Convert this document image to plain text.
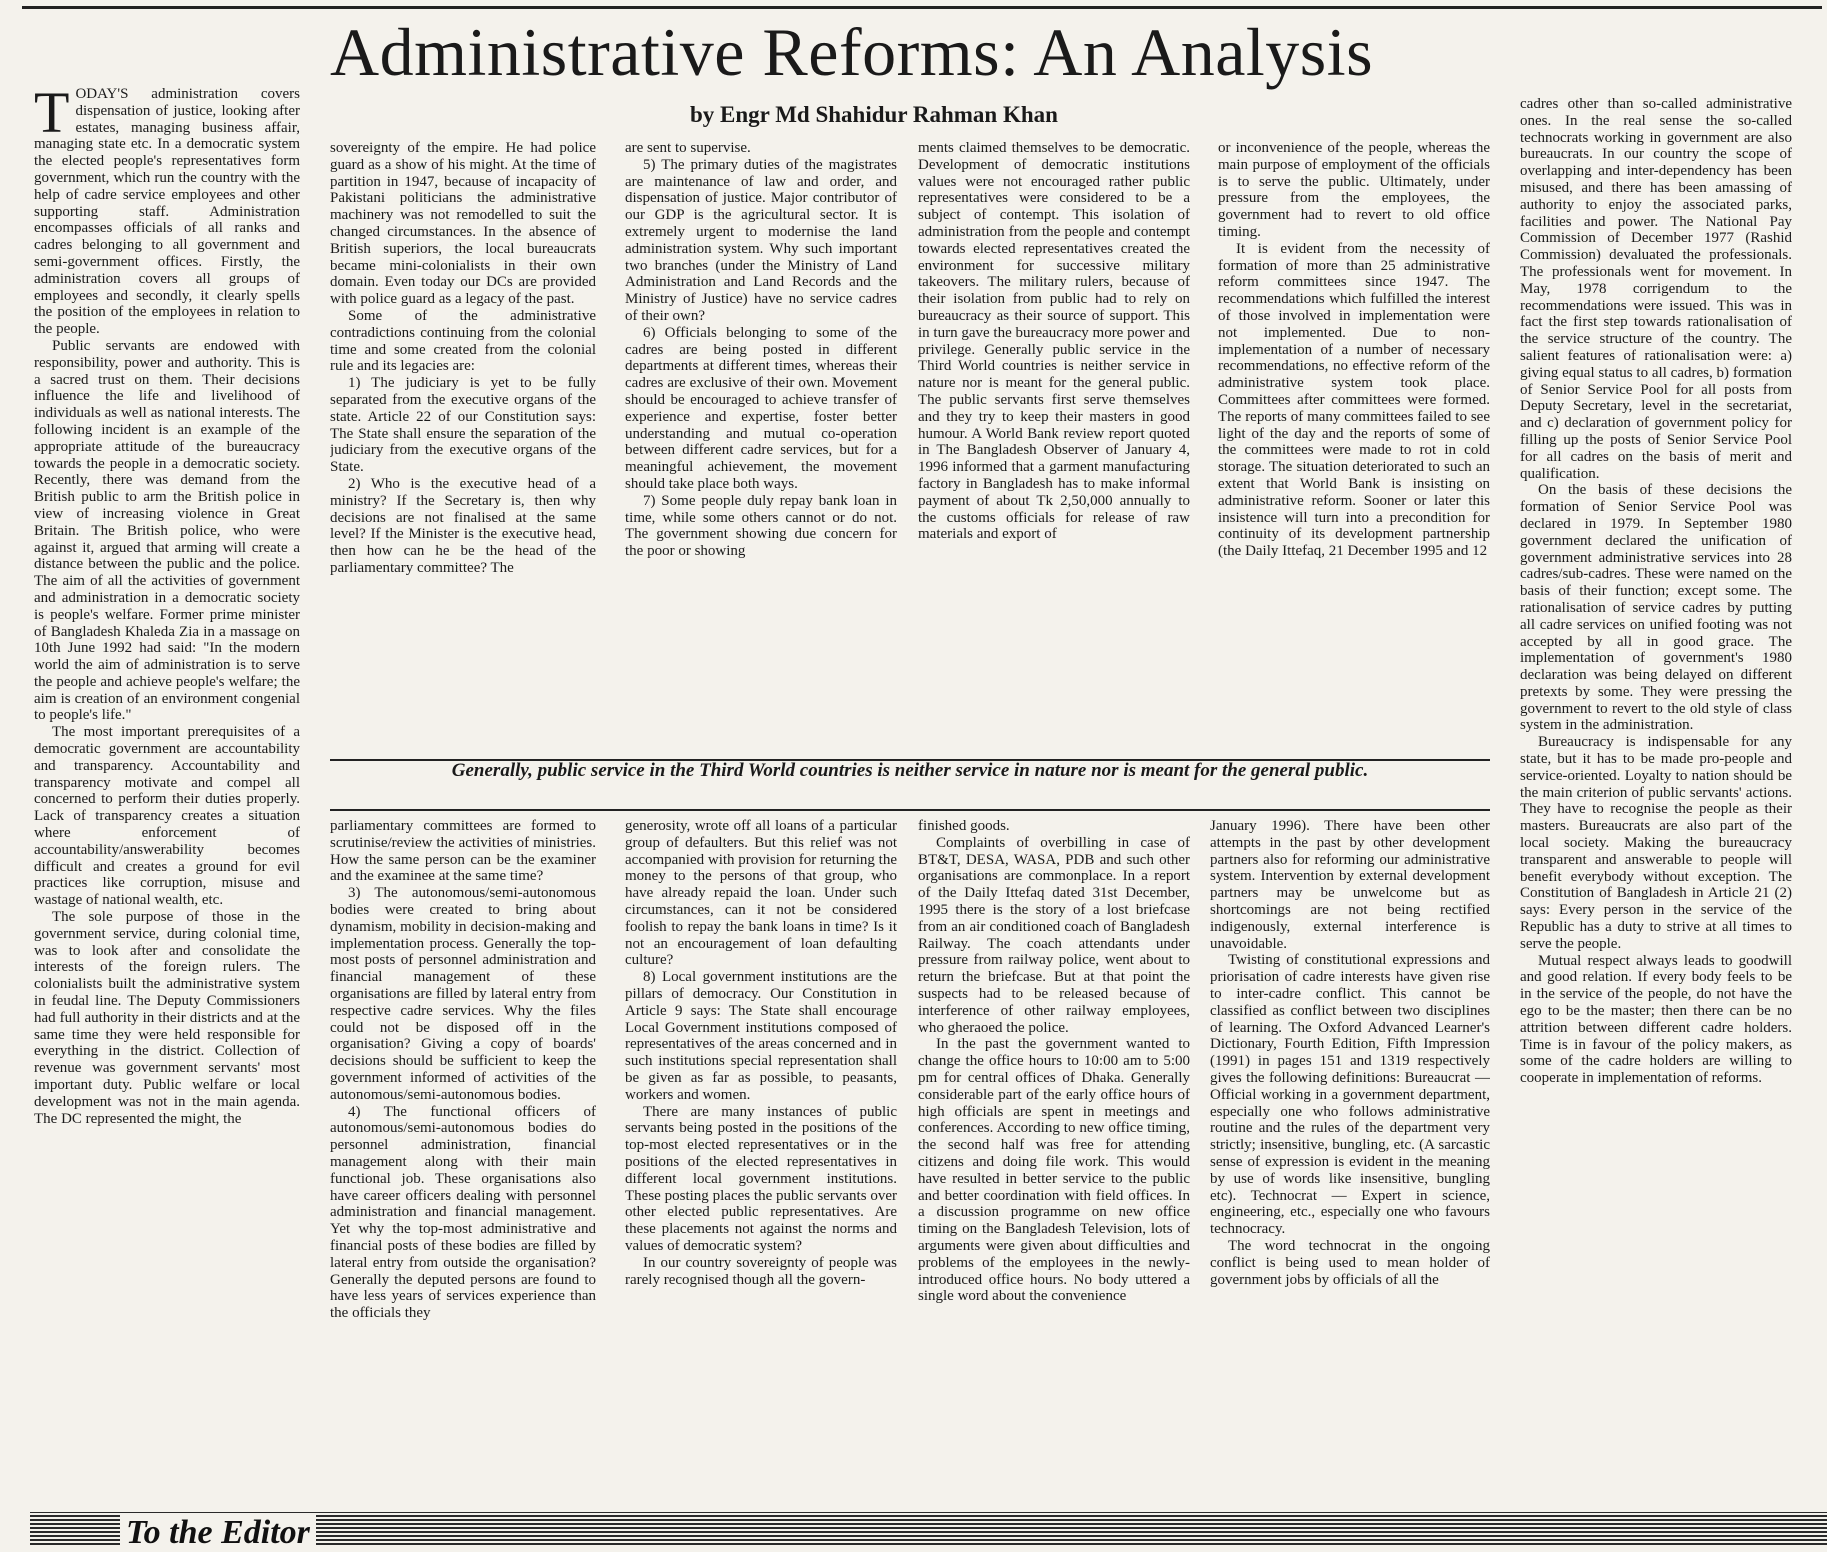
Administrative Reforms: An Analysis
by Engr Md Shahidur Rahman Khan
T ODAY'S administration covers dispensation of justice, looking after estates, managing business affair, managing state etc. In a democratic system the elected people's representatives form government, which run the country with the help of cadre service employees and other supporting staff. Administration encompasses officials of all ranks and cadres belonging to all government and semi-government offices. Firstly, the administration covers all groups of employees and secondly, it clearly spells the position of the employees in relation to the people.

Public servants are endowed with responsibility, power and authority. This is a sacred trust on them. Their decisions influence the life and livelihood of individuals as well as national interests. The following incident is an example of the appropriate attitude of the bureaucracy towards the people in a democratic society. Recently, there was demand from the British public to arm the British police in view of increasing violence in Great Britain. The British police, who were against it, argued that arming will create a distance between the public and the police. The aim of all the activities of government and administration in a democratic society is people's welfare. Former prime minister of Bangladesh Khaleda Zia in a massage on 10th June 1992 had said: "In the modern world the aim of administration is to serve the people and achieve people's welfare; the aim is creation of an environment congenial to people's life."

The most important prerequisites of a democratic government are accountability and transparency. Accountability and transparency motivate and compel all concerned to perform their duties properly. Lack of transparency creates a situation where enforcement of accountability/answerability becomes difficult and creates a ground for evil practices like corruption, misuse and wastage of national wealth, etc.

The sole purpose of those in the government service, during colonial time, was to look after and consolidate the interests of the foreign rulers. The colonialists built the administrative system in feudal line. The Deputy Commissioners had full authority in their districts and at the same time they were held responsible for everything in the district. Collection of revenue was government servants' most important duty. Public welfare or local development was not in the main agenda. The DC represented the might, the

sovereignty of the empire. He had police guard as a show of his might. At the time of partition in 1947, because of incapacity of Pakistani politicians the administrative machinery was not remodelled to suit the changed circumstances. In the absence of British superiors, the local bureaucrats became mini-colonialists in their own domain. Even today our DCs are provided with police guard as a legacy of the past.

Some of the administrative contradictions continuing from the colonial time and some created from the colonial rule and its legacies are:

1) The judiciary is yet to be fully separated from the executive organs of the state. Article 22 of our Constitution says: The State shall ensure the separation of the judiciary from the executive organs of the State.

2) Who is the executive head of a ministry? If the Secretary is, then why decisions are not finalised at the same level? If the Minister is the executive head, then how can he be the head of the parliamentary committee? The

are sent to supervise.

5) The primary duties of the magistrates are maintenance of law and order, and dispensation of justice. Major contributor of our GDP is the agricultural sector. It is extremely urgent to modernise the land administration system. Why such important two branches (under the Ministry of Land Administration and Land Records and the Ministry of Justice) have no service cadres of their own?

6) Officials belonging to some of the cadres are being posted in different departments at different times, whereas their cadres are exclusive of their own. Movement should be encouraged to achieve transfer of experience and expertise, foster better understanding and mutual co-operation between different cadre services, but for a meaningful achievement, the movement should take place both ways.

7) Some people duly repay bank loan in time, while some others cannot or do not. The government showing due concern for the poor or showing

ments claimed themselves to be democratic. Development of democratic institutions values were not encouraged rather public representatives were considered to be a subject of contempt. This isolation of administration from the people and contempt towards elected representatives created the environment for successive military takeovers. The military rulers, because of their isolation from public had to rely on bureaucracy as their source of support. This in turn gave the bureaucracy more power and privilege. Generally public service in the Third World countries is neither service in nature nor is meant for the general public. The public servants first serve themselves and they try to keep their masters in good humour. A World Bank review report quoted in The Bangladesh Observer of January 4, 1996 informed that a garment manufacturing factory in Bangladesh has to make informal payment of about Tk 2,50,000 annually to the customs officials for release of raw materials and export of

or inconvenience of the people, whereas the main purpose of employment of the officials is to serve the public. Ultimately, under pressure from the employees, the government had to revert to old office timing.

It is evident from the necessity of formation of more than 25 administrative reform committees since 1947. The recommendations which fulfilled the interest of those involved in implementation were not implemented. Due to non-implementation of a number of necessary recommendations, no effective reform of the administrative system took place. Committees after committees were formed. The reports of many committees failed to see light of the day and the reports of some of the committees were made to rot in cold storage. The situation deteriorated to such an extent that World Bank is insisting on administrative reform. Sooner or later this insistence will turn into a precondition for continuity of its development partnership (the Daily Ittefaq, 21 December 1995 and 12

cadres other than so-called administrative ones. In the real sense the so-called technocrats working in government are also bureaucrats. In our country the scope of overlapping and inter-dependency has been misused, and there has been amassing of authority to enjoy the associated parks, facilities and power. The National Pay Commission of December 1977 (Rashid Commission) devaluated the professionals. The professionals went for movement. In May, 1978 corrigendum to the recommendations were issued. This was in fact the first step towards rationalisation of the service structure of the country. The salient features of rationalisation were: a) giving equal status to all cadres, b) formation of Senior Service Pool for all posts from Deputy Secretary, level in the secretariat, and c) declaration of government policy for filling up the posts of Senior Service Pool for all cadres on the basis of merit and qualification.

On the basis of these decisions the formation of Senior Service Pool was declared in 1979. In September 1980 government declared the unification of government administrative services into 28 cadres/sub-cadres. These were named on the basis of their function; except some. The rationalisation of service cadres by putting all cadre services on unified footing was not accepted by all in good grace. The implementation of government's 1980 declaration was being delayed on different pretexts by some. They were pressing the government to revert to the old style of class system in the administration.

Bureaucracy is indispensable for any state, but it has to be made pro-people and service-oriented. Loyalty to nation should be the main criterion of public servants' actions. They have to recognise the people as their masters. Bureaucrats are also part of the local society. Making the bureaucracy transparent and answerable to people will benefit everybody without exception. The Constitution of Bangladesh in Article 21 (2) says: Every person in the service of the Republic has a duty to strive at all times to serve the people.

Mutual respect always leads to goodwill and good relation. If every body feels to be in the service of the people, do not have the ego to be the master; then there can be no attrition between different cadre holders. Time is in favour of the policy makers, as some of the cadre holders are willing to cooperate in implementation of reforms.

Generally, public service in the Third World countries is neither service in nature nor is meant for the general public.

parliamentary committees are formed to scrutinise/review the activities of ministries. How the same person can be the examiner and the examinee at the same time?

3) The autonomous/semi-autonomous bodies were created to bring about dynamism, mobility in decision-making and implementation process. Generally the top-most posts of personnel administration and financial management of these organisations are filled by lateral entry from respective cadre services. Why the files could not be disposed off in the organisation? Giving a copy of boards' decisions should be sufficient to keep the government informed of activities of the autonomous/semi-autonomous bodies.

4) The functional officers of autonomous/semi-autonomous bodies do personnel administration, financial management along with their main functional job. These organisations also have career officers dealing with personnel administration and financial management. Yet why the top-most administrative and financial posts of these bodies are filled by lateral entry from outside the organisation? Generally the deputed persons are found to have less years of services experience than the officials they

generosity, wrote off all loans of a particular group of defaulters. But this relief was not accompanied with provision for returning the money to the persons of that group, who have already repaid the loan. Under such circumstances, can it not be considered foolish to repay the bank loans in time? Is it not an encouragement of loan defaulting culture?

8) Local government institutions are the pillars of democracy. Our Constitution in Article 9 says: The State shall encourage Local Government institutions composed of representatives of the areas concerned and in such institutions special representation shall be given as far as possible, to peasants, workers and women.

There are many instances of public servants being posted in the positions of the top-most elected representatives or in the positions of the elected representatives in different local government institutions. These posting places the public servants over other elected public representatives. Are these placements not against the norms and values of democratic system?

In our country sovereignty of people was rarely recognised though all the govern-

finished goods.

Complaints of overbilling in case of BT&T, DESA, WASA, PDB and such other organisations are commonplace. In a report of the Daily Ittefaq dated 31st December, 1995 there is the story of a lost briefcase from an air conditioned coach of Bangladesh Railway. The coach attendants under pressure from railway police, went about to return the briefcase. But at that point the suspects had to be released because of interference of other railway employees, who gheraoed the police.

In the past the government wanted to change the office hours to 10:00 am to 5:00 pm for central offices of Dhaka. Generally considerable part of the early office hours of high officials are spent in meetings and conferences. According to new office timing, the second half was free for attending citizens and doing file work. This would have resulted in better service to the public and better coordination with field offices. In a discussion programme on new office timing on the Bangladesh Television, lots of arguments were given about difficulties and problems of the employees in the newly-introduced office hours. No body uttered a single word about the convenience

January 1996). There have been other attempts in the past by other development partners also for reforming our administrative system. Intervention by external development partners may be unwelcome but as shortcomings are not being rectified indigenously, external interference is unavoidable.

Twisting of constitutional expressions and priorisation of cadre interests have given rise to inter-cadre conflict. This cannot be classified as conflict between two disciplines of learning. The Oxford Advanced Learner's Dictionary, Fourth Edition, Fifth Impression (1991) in pages 151 and 1319 respectively gives the following definitions: Bureaucrat — Official working in a government department, especially one who follows administrative routine and the rules of the department very strictly; insensitive, bungling, etc. (A sarcastic sense of expression is evident in the meaning by use of words like insensitive, bungling etc). Technocrat — Expert in science, engineering, etc., especially one who favours technocracy.

The word technocrat in the ongoing conflict is being used to mean holder of government jobs by officials of all the

To the Editor
